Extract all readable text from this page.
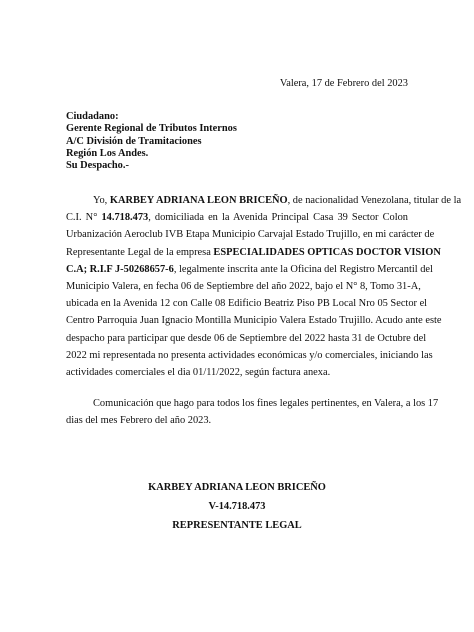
Valera, 17 de Febrero del 2023
Ciudadano:
Gerente Regional de Tributos Internos
A/C División de Tramitaciones
Región Los Andes.
Su Despacho.-
Yo, KARBEY ADRIANA LEON BRICEÑO, de nacionalidad Venezolana, titular de la
C.I. N° 14.718.473, domiciliada en la Avenida Principal Casa 39 Sector Colon
Urbanización Aeroclub IVB Etapa Municipio Carvajal Estado Trujillo, en mi carácter de
Representante Legal de la empresa ESPECIALIDADES OPTICAS DOCTOR VISION
C.A; R.I.F J-50268657-6, legalmente inscrita ante la Oficina del Registro Mercantil del
Municipio Valera, en fecha 06 de Septiembre del año 2022, bajo el N° 8, Tomo 31-A,
ubicada en la Avenida 12 con Calle 08 Edificio Beatriz Piso PB Local Nro 05 Sector el
Centro Parroquia Juan Ignacio Montilla Municipio Valera Estado Trujillo. Acudo ante este
despacho para participar que desde 06 de Septiembre del 2022 hasta 31 de Octubre del
2022 mi representada no presenta actividades económicas y/o comerciales, iniciando las
actividades comerciales el dia 01/11/2022, según factura anexa.
Comunicación que hago para todos los fines legales pertinentes, en Valera, a los 17
dias del mes Febrero del año 2023.
KARBEY ADRIANA LEON BRICEÑO
V-14.718.473
REPRESENTANTE LEGAL
